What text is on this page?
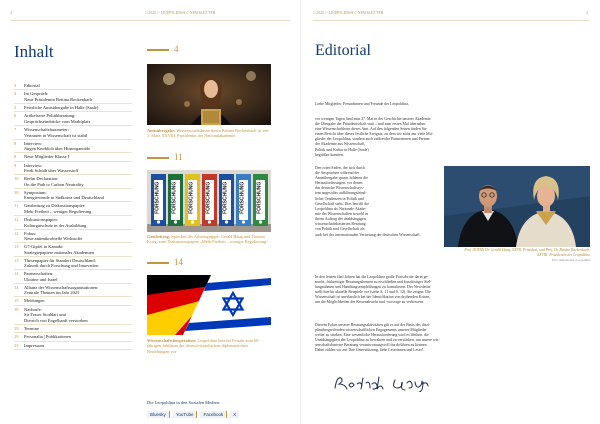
4	1/2025 // LEOPOLDINA // NEWSLETTER
Inhalt
3	Editorial
4	Im Gespräch:
Neue Präsidentin Bettina Rockenbach
5	Feierliche Amtsübergabe in Halle (Saale)
6	Artikelserie Politikberatung:
Gesprächseindrücke vom Marktplatz
7	Wissenschaftsbarometer:
Vertrauen in Wissenschaft ist stabil
8	Interview:
Jürgen Knoblich über Hirnorganoide
8	Neue Mitglieder Klasse I
9	Interview:
Ferdi Schüth über Wasserstoff
10	Berlin Declaration:
On the Path to Carbon Neutrality
10	Symposium:
Energiewende in Südkorea und Deutschland
11	Gastbeitrag zu Diskussionspapier:
Mehr Freiheit – weniger Regulierung
12	Diskussionspapier:
Kulturgutschutz in der Ausbildung
12	Fokus:
Neue antimikrobielle Wirkstoffe
13	G7-Gipfel in Kanada:
Strategiepapiere nationaler Akademien
13	Thesenpapier für Standort Deutschland:
Zukunft durch Forschung und Innovation
14	Partnerschaften:
Ukraine und Israel
14	Allianz der Wissenschaftsorganisationen:
Zentrale Themen im Jahr 2025
15	Meldungen
18	Nachrufe:
Sir Fraser Stoddart und
Dietrich von Engelhardt verstorben
19	Termine
19	Personalia | Publikationen
23	Impressum
4
Amtsübergabe: Wissenschaftshistorikerin Bettina Rockenbach ist seit 1. März XXVIII. Präsidentin der Nationalakademie
11
FORSCHUNG FORSCHUNG FORSCHUNG FORSCHUNG FORSCHUNG FORSCHUNG FORSCHUNG
Gastbeitrag: Sprecher der Arbeitsgruppe, Gerald Haug und Thomas Krieg, zum Diskussionspapier „Mehr Freiheit – weniger Regulierung“
14
Wissenschaftskooperation: Leopoldina bereitet Festakt zum 60-jährigen Jubiläum der deutsch-israelischen diplomatischen Beziehungen vor
Die Leopoldina in den Sozialen Medien:
Bluesky	YouTube	Facebook	X
1/2025 // LEOPOLDINA // NEWSLETTER	3
Editorial

Liebe Mitglieder, Freundinnen und Freunde der Leopoldina,

vor wenigen Tagen fand zum 27. Mai in der Geschichte unserer Akademie
die Übergabe der Präsidentschaft statt – und zum ersten Mal übernahm
eine Wissenschaftlerin dieses Amt. Auf den folgenden Seiten finden Sie
einen Bericht über dieses festliche Ereignis, zu dem wir nicht nur viele Mit-
glieder der Leopoldina, sondern auch zahlreiche Partnerinnen und Partner
der Akademie aus Wissenschaft,
Politik und Kultur in Halle (Saale)
begrüßen konnten.
Den roten Faden, der sich durch
die Ansprachen während der
Amtsübergabe spann, bildeten die
Herausforderungen, vor denen
das deutsche Wissenschaftssys-
tem angesichts aufklärungsfeind-
licher Tendenzen in Politik und
Gesellschaft steht. Dies betrifft die
Leopoldina als Nationale Akade-
mie der Wissenschaften sowohl in
ihrem Auftrag der unabhängigen
wissenschaftsbasierten Beratung
von Politik und Gesellschaft als

auch bei der internationalen Vertretung der deutschen Wissenschaft.

Prof. (ETHZ) Dr. Gerald Haug, XXVII. Präsident, und Prof. Dr. Bettina Rockenbach,
XXVIII. Präsidentin der Leopoldina
Foto: Anna Kolata | Leopoldina
In den letzten fünf Jahren hat die Leopoldina große Fortschritte darin ge-
macht, frühzeitiger Beratungsthemen zu erschließen und kurzfristiger Stel-
lungnahmen und Handlungsempfehlungen zu formulieren. Der Newsletter
stellt hierfür aktuelle Beispiele vor (siehe S. 11 und S. 12). Sie zeigen: Die
Wissenschaft ist unerlässlich bei der Identifikation von drohenden Krisen,
um die Möglichkeiten der Krisenabwehr und -vorsorge zu verbessern.
Diesem Fokus unserer Beratungsaktivitäten gilt es auf der Basis des diszi-
plinübergreifenden wissenschaftlichen Engagements unserer Mitglieder
weiter zu stärken. Eine wesentliche Herausforderung wird es bleiben, die
Unabhängigkeit der Leopoldina zu bewahren und zu verstärken, um unsere wis-
senschaftsbasierte Beratung verantwortungsvoll durchführen zu können.
Dabei zählen wir auf Ihre Unterstützung, liebe Leserinnen und Leser!
